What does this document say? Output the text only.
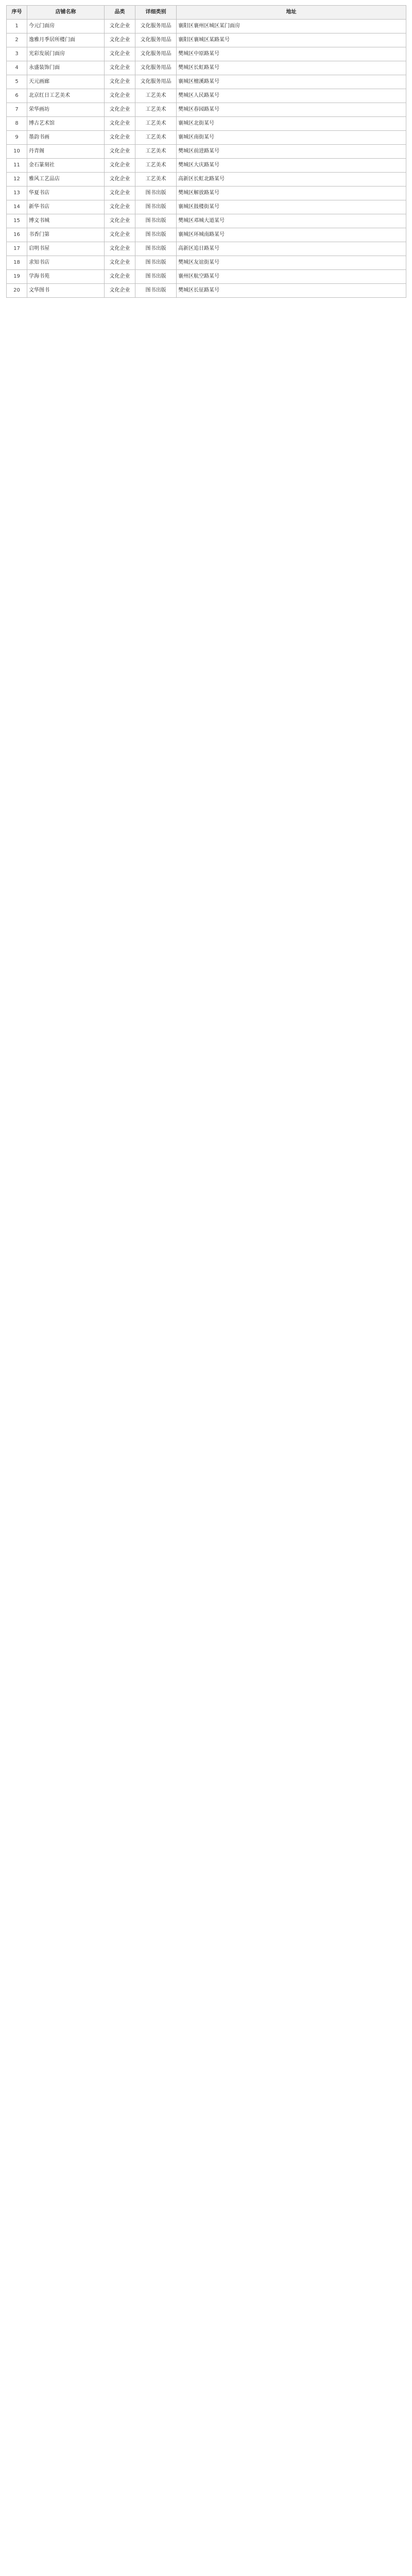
序号	店铺名称	品类	详细类别	地址
1	今元门面房	文化企业	文化服务用品	襄阳区襄州区城区某门面房
2	逸雅月季居所楼门面	文化企业	文化服务用品	襄阳区襄城区某路某号
3	光彩发展门面房	文化企业	文化服务用品	樊城区中原路某号
4	永盛装饰门面	文化企业	文化服务用品	樊城区长虹路某号
5	天元画廊	文化企业	文化服务用品	襄城区檀溪路某号
6	北京红日工艺美术	文化企业	工艺美术	樊城区人民路某号
7	荣华画坊	文化企业	工艺美术	樊城区春园路某号
8	博古艺术馆	文化企业	工艺美术	襄城区北街某号
9	墨韵书画	文化企业	工艺美术	襄城区南街某号
10	丹青阁	文化企业	工艺美术	樊城区前进路某号
11	金石篆刻社	文化企业	工艺美术	樊城区大庆路某号
12	雅风工艺品店	文化企业	工艺美术	高新区长虹北路某号
13	华夏书店	文化企业	图书出版	樊城区解放路某号
14	新华书店	文化企业	图书出版	襄城区鼓楼街某号
15	博文书城	文化企业	图书出版	樊城区邓城大道某号
16	书香门第	文化企业	图书出版	襄城区环城南路某号
17	启明书屋	文化企业	图书出版	高新区追日路某号
18	求知书店	文化企业	图书出版	樊城区友谊街某号
19	学海书苑	文化企业	图书出版	襄州区航空路某号
20	文华图书	文化企业	图书出版	樊城区长征路某号
